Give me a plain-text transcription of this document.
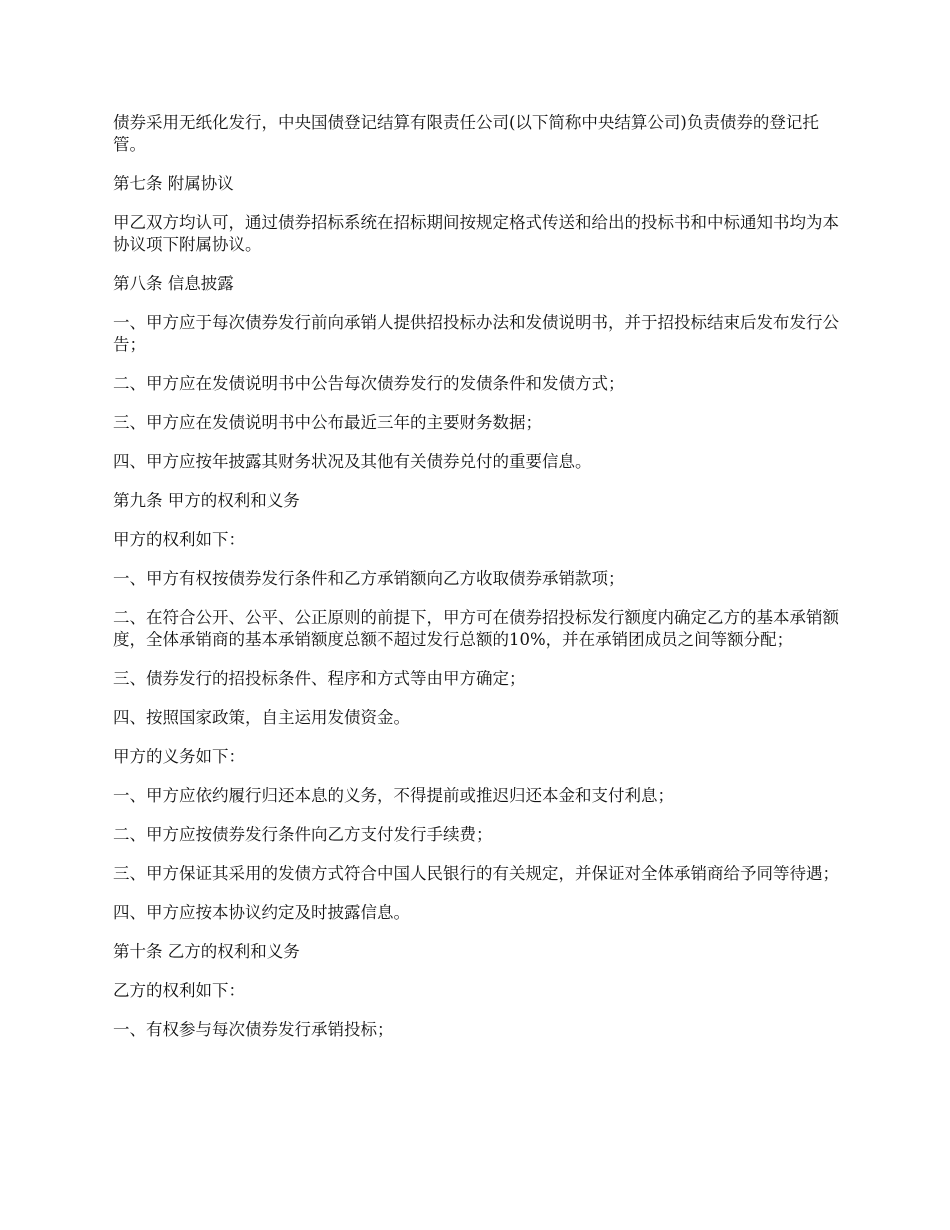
债券采用无纸化发行，中央国债登记结算有限责任公司(以下简称中央结算公司)负责债券的登记托管。

第七条 附属协议

甲乙双方均认可，通过债券招标系统在招标期间按规定格式传送和给出的投标书和中标通知书均为本协议项下附属协议。

第八条 信息披露

一、甲方应于每次债券发行前向承销人提供招投标办法和发债说明书，并于招投标结束后发布发行公告；

二、甲方应在发债说明书中公告每次债券发行的发债条件和发债方式；

三、甲方应在发债说明书中公布最近三年的主要财务数据；

四、甲方应按年披露其财务状况及其他有关债券兑付的重要信息。

第九条 甲方的权利和义务

甲方的权利如下：

一、甲方有权按债券发行条件和乙方承销额向乙方收取债券承销款项；

二、在符合公开、公平、公正原则的前提下，甲方可在债券招投标发行额度内确定乙方的基本承销额度，全体承销商的基本承销额度总额不超过发行总额的10%，并在承销团成员之间等额分配；

三、债券发行的招投标条件、程序和方式等由甲方确定；

四、按照国家政策，自主运用发债资金。

甲方的义务如下：

一、甲方应依约履行归还本息的义务，不得提前或推迟归还本金和支付利息；

二、甲方应按债券发行条件向乙方支付发行手续费；

三、甲方保证其采用的发债方式符合中国人民银行的有关规定，并保证对全体承销商给予同等待遇；

四、甲方应按本协议约定及时披露信息。

第十条 乙方的权利和义务

乙方的权利如下：

一、有权参与每次债券发行承销投标；
